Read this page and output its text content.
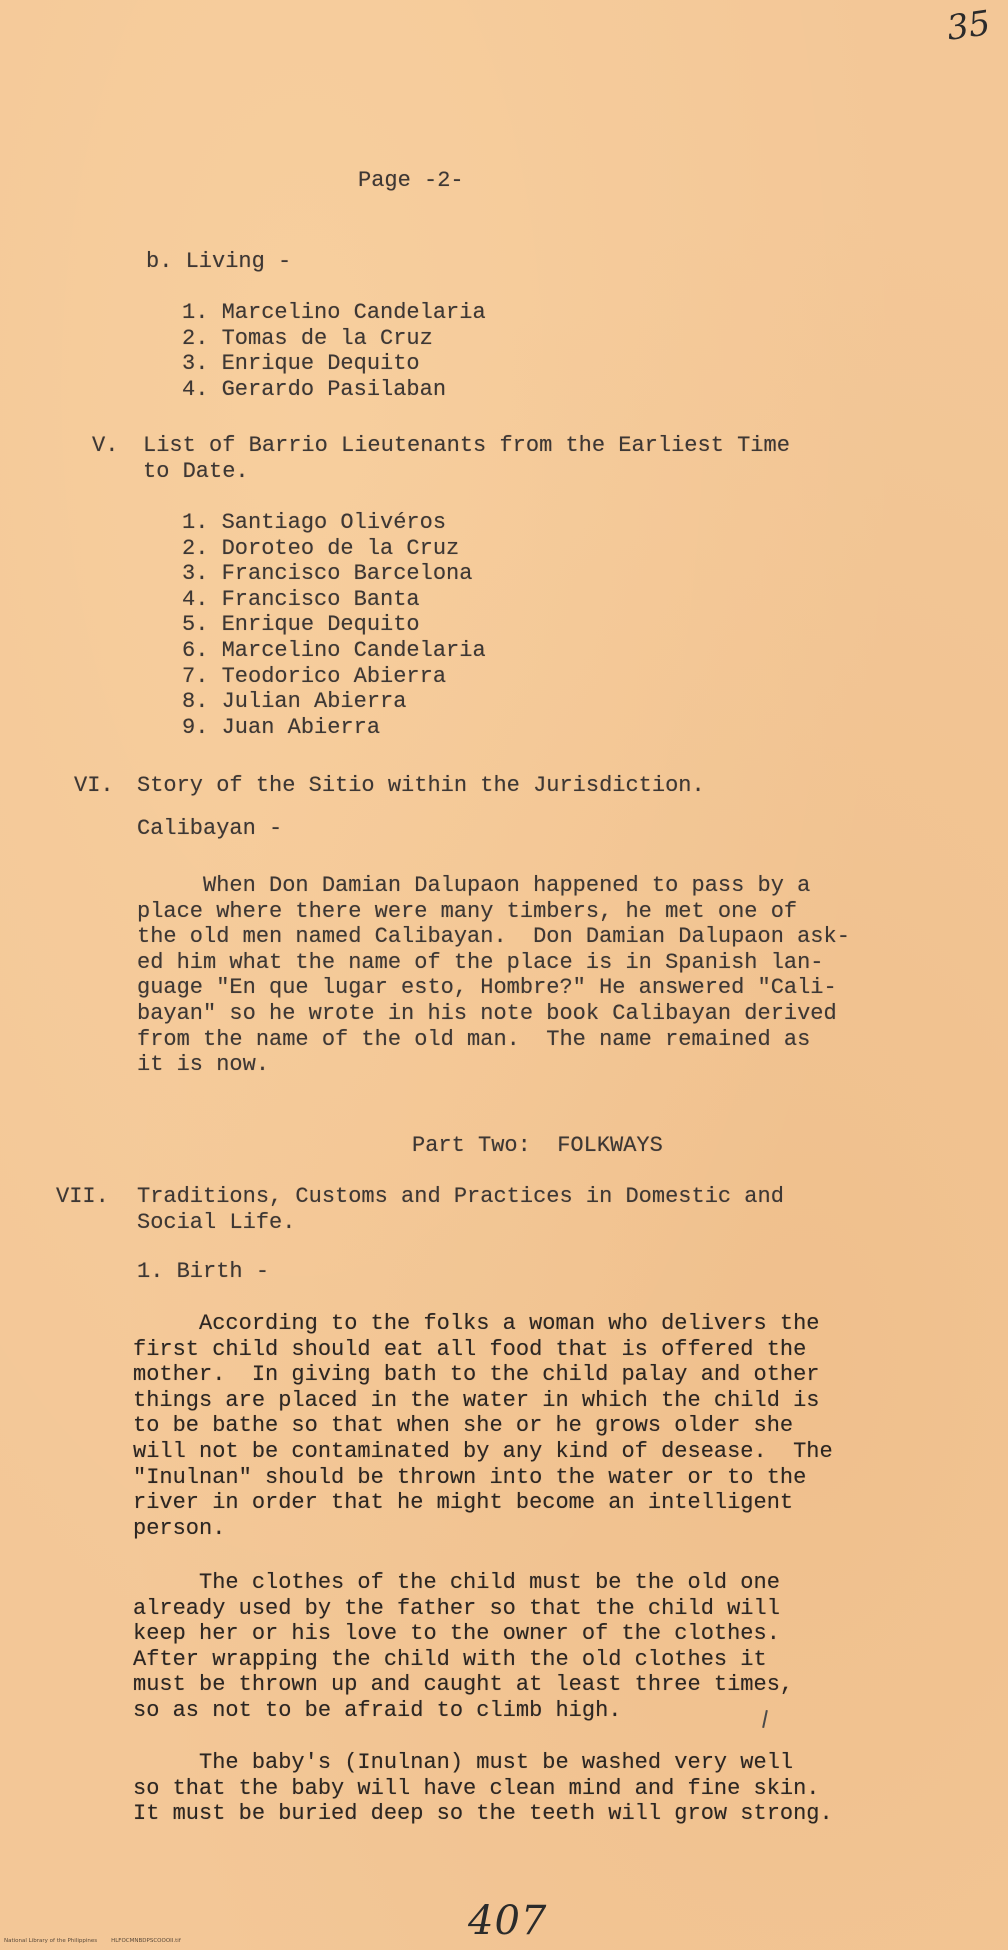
35
Page -2-
b. Living -
1. Marcelino Candelaria
2. Tomas de la Cruz
3. Enrique Dequito
4. Gerardo Pasilaban
V. List of Barrio Lieutenants from the Earliest Time
to Date.
1. Santiago Olivéros
2. Doroteo de la Cruz
3. Francisco Barcelona
4. Francisco Banta
5. Enrique Dequito
6. Marcelino Candelaria
7. Teodorico Abierra
8. Julian Abierra
9. Juan Abierra
VI. Story of the Sitio within the Jurisdiction.
Calibayan -
When Don Damian Dalupaon happened to pass by a
place where there were many timbers, he met one of
the old men named Calibayan.  Don Damian Dalupaon ask-
ed him what the name of the place is in Spanish lan-
guage "En que lugar esto, Hombre?" He answered "Cali-
bayan" so he wrote in his note book Calibayan derived
from the name of the old man.  The name remained as
it is now.
Part Two:  FOLKWAYS
VII. Traditions, Customs and Practices in Domestic and
Social Life.
1. Birth -
According to the folks a woman who delivers the
first child should eat all food that is offered the
mother.  In giving bath to the child palay and other
things are placed in the water in which the child is
to be bathe so that when she or he grows older she
will not be contaminated by any kind of desease.  The
"Inulnan" should be thrown into the water or to the
river in order that he might become an intelligent
person.
The clothes of the child must be the old one
already used by the father so that the child will
keep her or his love to the owner of the clothes.
After wrapping the child with the old clothes it
must be thrown up and caught at least three times,
so as not to be afraid to climb high.
The baby's (Inulnan) must be washed very well
so that the baby will have clean mind and fine skin.
It must be buried deep so the teeth will grow strong.
407
National Library of the Philippines	HLFOCMNBDPSCOOOII.tif
